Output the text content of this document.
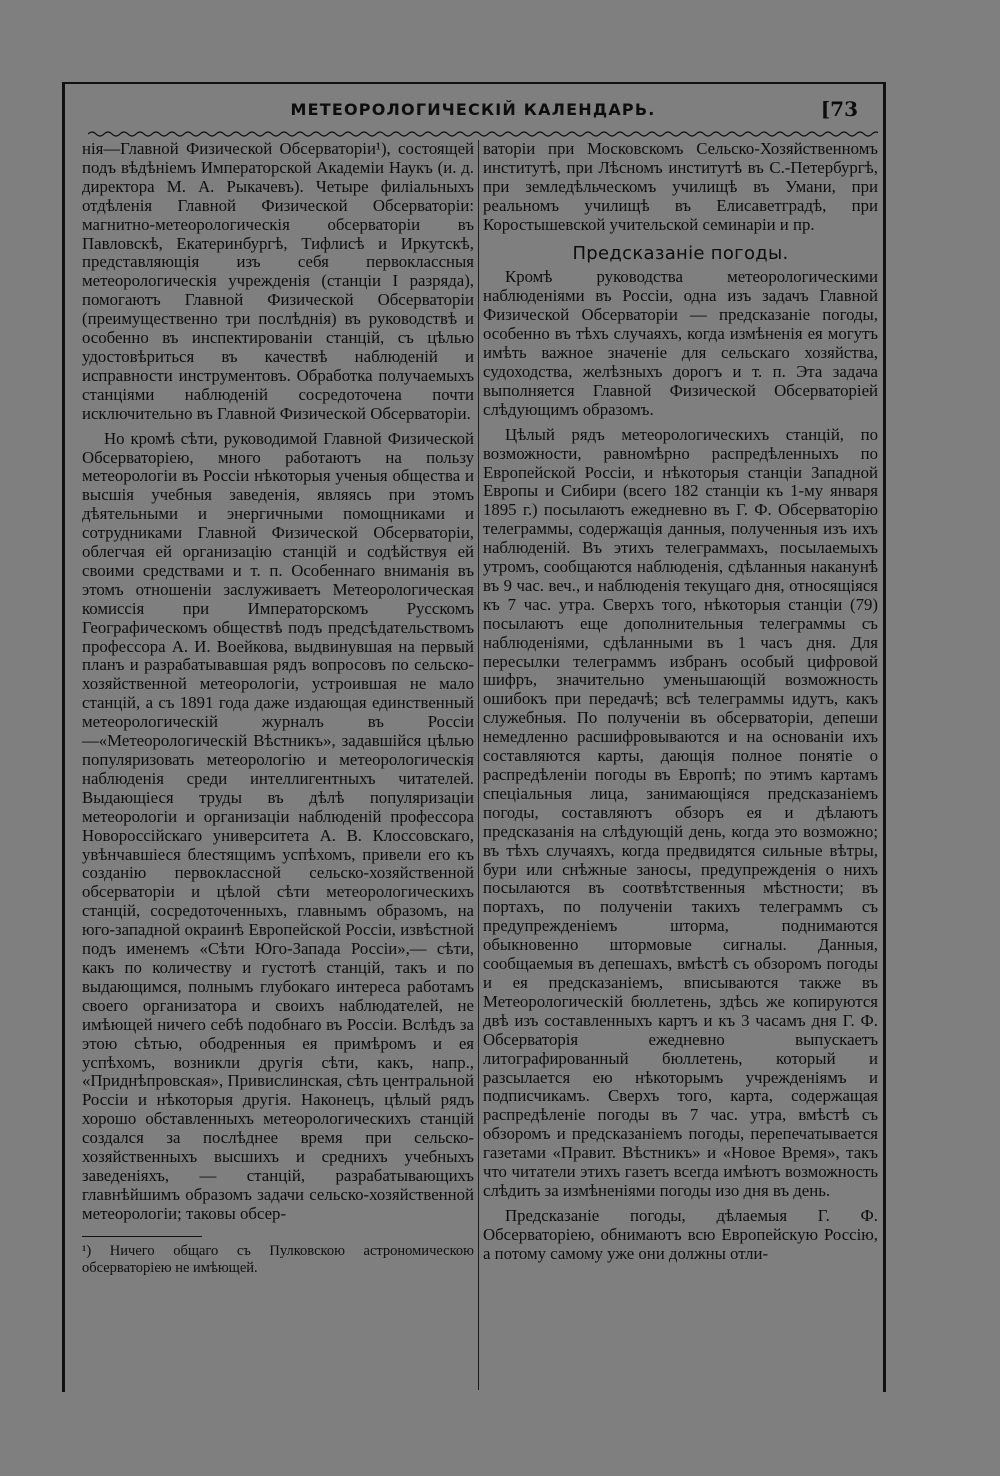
МЕТЕОРОЛОГИЧЕСКІЙ КАЛЕНДАРЬ.	[73

нія—Главной Физической Обсерваторіи¹), состоящей подъ вѣдѣніемъ Императорской Академіи Наукъ (и. д. директора М. А. Рыкачевъ). Четыре филіальныхъ отдѣленія Главной Физической Обсерваторіи: магнитно-метеорологическія обсерваторіи въ Павловскѣ, Екатеринбургѣ, Тифлисѣ и Иркутскѣ, представляющія изъ себя первоклассныя метеорологическія учрежденія (станціи I разряда), помогаютъ Главной Физической Обсерваторіи (преимущественно три послѣднія) въ руководствѣ и особенно въ инспектированіи станцій, съ цѣлью удостовѣриться въ качествѣ наблюденій и исправности инструментовъ. Обработка получаемыхъ станціями наблюденій сосредоточена почти исключительно въ Главной Физической Обсерваторіи.

Но кромѣ сѣти, руководимой Главной Физической Обсерваторіею, много работаютъ на пользу метеорологіи въ Россіи нѣкоторыя ученыя общества и высшія учебныя заведенія, являясь при этомъ дѣятельными и энергичными помощниками и сотрудниками Главной Физической Обсерваторіи, облегчая ей организацію станцій и содѣйствуя ей своими средствами и т. п. Особеннаго вниманія въ этомъ отношеніи заслуживаетъ Метеорологическая комиссія при Императорскомъ Русскомъ Географическомъ обществѣ подъ предсѣдательствомъ профессора А. И. Воейкова, выдвинувшая на первый планъ и разрабатывавшая рядъ вопросовъ по сельско-хозяйственной метеорологіи, устроившая не мало станцій, а съ 1891 года даже издающая единственный метеорологическій журналъ въ Россіи—«Метеорологическій Вѣстникъ», задавшійся цѣлью популяризовать метеорологію и метеорологическія наблюденія среди интеллигентныхъ читателей. Выдающіеся труды въ дѣлѣ популяризаціи метеорологіи и организаціи наблюденій профессора Новороссійскаго университета А. В. Клоссовскаго, увѣнчавшіеся блестящимъ успѣхомъ, привели его къ созданію первоклассной сельско-хозяйственной обсерваторіи и цѣлой сѣти метеорологическихъ станцій, сосредоточенныхъ, главнымъ образомъ, на юго-западной окраинѣ Европейской Россіи, извѣстной подъ именемъ «Сѣти Юго-Запада Россіи»,— сѣти, какъ по количеству и густотѣ станцій, такъ и по выдающимся, полнымъ глубокаго интереса работамъ своего организатора и своихъ наблюдателей, не имѣющей ничего себѣ подобнаго въ Россіи. Вслѣдъ за этою сѣтью, ободренныя ея примѣромъ и ея успѣхомъ, возникли другія сѣти, какъ, напр., «Приднѣпровская», Привислинская, сѣть центральной Россіи и нѣкоторыя другія. Наконецъ, цѣлый рядъ хорошо обставленныхъ метеорологическихъ станцій создался за послѣднее время при сельско-хозяйственныхъ высшихъ и среднихъ учебныхъ заведеніяхъ, — станцій, разрабатывающихъ главнѣйшимъ образомъ задачи сельско-хозяйственной метеорологіи; таковы обсер-

¹) Ничего общаго съ Пулковскою астрономическою обсерваторіею не имѣющей.

ваторіи при Московскомъ Сельско-Хозяйственномъ институтѣ, при Лѣсномъ институтѣ въ С.-Петербургѣ, при земледѣльческомъ училищѣ въ Умани, при реальномъ училищѣ въ Елисаветградѣ, при Коростышевской учительской семинаріи и пр.

Предсказаніе погоды.

Кромѣ руководства метеорологическими наблюденіями въ Россіи, одна изъ задачъ Главной Физической Обсерваторіи — предсказаніе погоды, особенно въ тѣхъ случаяхъ, когда измѣненія ея могутъ имѣть важное значеніе для сельскаго хозяйства, судоходства, желѣзныхъ дорогъ и т. п. Эта задача выполняется Главной Физической Обсерваторіей слѣдующимъ образомъ.

Цѣлый рядъ метеорологическихъ станцій, по возможности, равномѣрно распредѣленныхъ по Европейской Россіи, и нѣкоторыя станціи Западной Европы и Сибири (всего 182 станціи къ 1-му января 1895 г.) посылаютъ ежедневно въ Г. Ф. Обсерваторію телеграммы, содержащія данныя, полученныя изъ ихъ наблюденій. Въ этихъ телеграммахъ, посылаемыхъ утромъ, сообщаются наблюденія, сдѣланныя наканунѣ въ 9 час. веч., и наблюденія текущаго дня, относящіяся къ 7 час. утра. Сверхъ того, нѣкоторыя станціи (79) посылаютъ еще дополнительныя телеграммы съ наблюденіями, сдѣланными въ 1 часъ дня. Для пересылки телеграммъ избранъ особый цифровой шифръ, значительно уменьшающій возможность ошибокъ при передачѣ; всѣ телеграммы идутъ, какъ служебныя. По полученіи въ обсерваторіи, депеши немедленно расшифровываются и на основаніи ихъ составляются карты, дающія полное понятіе о распредѣленіи погоды въ Европѣ; по этимъ картамъ спеціальныя лица, занимающіяся предсказаніемъ погоды, составляютъ обзоръ ея и дѣлаютъ предсказанія на слѣдующій день, когда это возможно; въ тѣхъ случаяхъ, когда предвидятся сильные вѣтры, бури или снѣжные заносы, предупрежденія о нихъ посылаются въ соотвѣтственныя мѣстности; въ портахъ, по полученіи такихъ телеграммъ съ предупрежденіемъ шторма, поднимаются обыкновенно штормовые сигналы. Данныя, сообщаемыя въ депешахъ, вмѣстѣ съ обзоромъ погоды и ея предсказаніемъ, вписываются также въ Метеорологическій бюллетень, здѣсь же копируются двѣ изъ составленныхъ картъ и къ 3 часамъ дня Г. Ф. Обсерваторія ежедневно выпускаетъ литографированный бюллетень, который и разсылается ею нѣкоторымъ учрежденіямъ и подписчикамъ. Сверхъ того, карта, содержащая распредѣленіе погоды въ 7 час. утра, вмѣстѣ съ обзоромъ и предсказаніемъ погоды, перепечатывается газетами «Правит. Вѣстникъ» и «Новое Время», такъ что читатели этихъ газетъ всегда имѣютъ возможность слѣдить за измѣненіями погоды изо дня въ день.

Предсказаніе погоды, дѣлаемыя Г. Ф. Обсерваторіею, обнимаютъ всю Европейскую Россію, а потому самому уже они должны отли-
